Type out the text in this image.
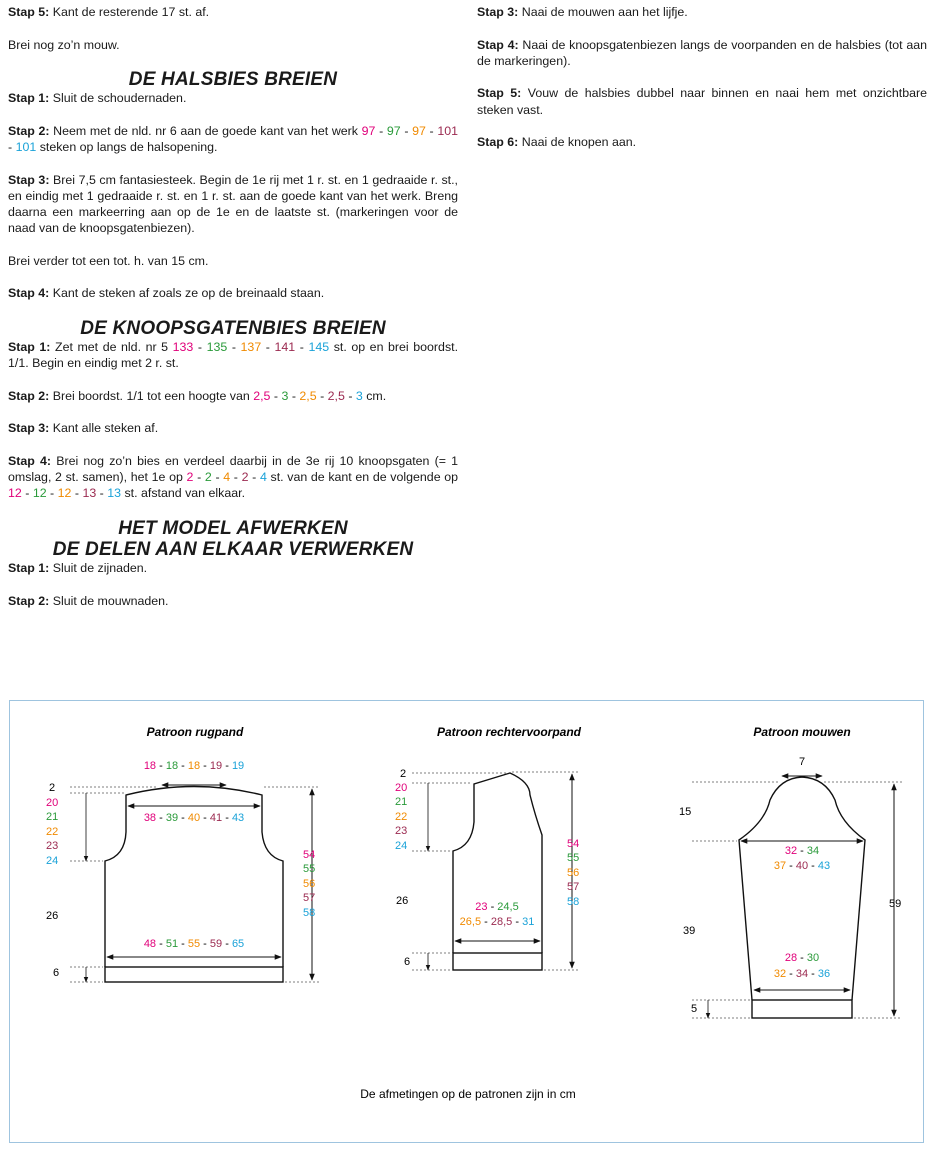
Stap 5: Kant de resterende 17 st. af.

Brei nog zo’n mouw.

DE HALSBIES BREIEN

Stap 1: Sluit de schoudernaden.

Stap 2: Neem met de nld. nr 6 aan de goede kant van het werk 97 - 97 - 97 - 101 - 101 steken op langs de halsopening.

Stap 3: Brei 7,5 cm fantasiesteek. Begin de 1e rij met 1 r. st. en 1 gedraaide r. st., en eindig met 1 gedraaide r. st. en 1 r. st. aan de goede kant van het werk. Breng daarna een markeerring aan op de 1e en de laatste st. (markeringen voor de naad van de knoopsgatenbiezen).

Brei verder tot een tot. h. van 15 cm.

Stap 4: Kant de steken af zoals ze op de breinaald staan.

DE KNOOPSGATENBIES BREIEN

Stap 1: Zet met de nld. nr 5 133 - 135 - 137 - 141 - 145 st. op en brei boordst. 1/1. Begin en eindig met 2 r. st.

Stap 2: Brei boordst. 1/1 tot een hoogte van 2,5 - 3 - 2,5 - 2,5 - 3 cm.

Stap 3: Kant alle steken af.

Stap 4: Brei nog zo’n bies en verdeel daarbij in de 3e rij 10 knoopsgaten (= 1 omslag, 2 st. samen), het 1e op 2 - 2 - 4 - 2 - 4 st. van de kant en de volgende op 12 - 12 - 12 - 13 - 13 st. afstand van elkaar.

HET MODEL AFWERKEN
DE DELEN AAN ELKAAR VERWERKEN

Stap 1: Sluit de zijnaden.

Stap 2: Sluit de mouwnaden.

Stap 3: Naai de mouwen aan het lijfje.

Stap 4: Naai de knoopsgatenbiezen langs de voorpanden en de halsbies (tot aan de markeringen).

Stap 5: Vouw de halsbies dubbel naar binnen en naai hem met onzichtbare steken vast.

Stap 6: Naai de knopen aan.

Patroon rugpand	Patroon rechtervoorpand	Patroon mouwen
18 - 18 - 18 - 19 - 19
38 - 39 - 40 - 41 - 43
48 - 51 - 55 - 59 - 65
2
20
21
22
23
24
26
6
54
55
56
57
58
2
20
21
22
23
24
26
6
54
55
56
57
58
23 - 24,5
26,5 - 28,5 - 31
7
15
39
5
59
32 - 34
37 - 40 - 43
28 - 30
32 - 34 - 36
De afmetingen op de patronen zijn in cm
